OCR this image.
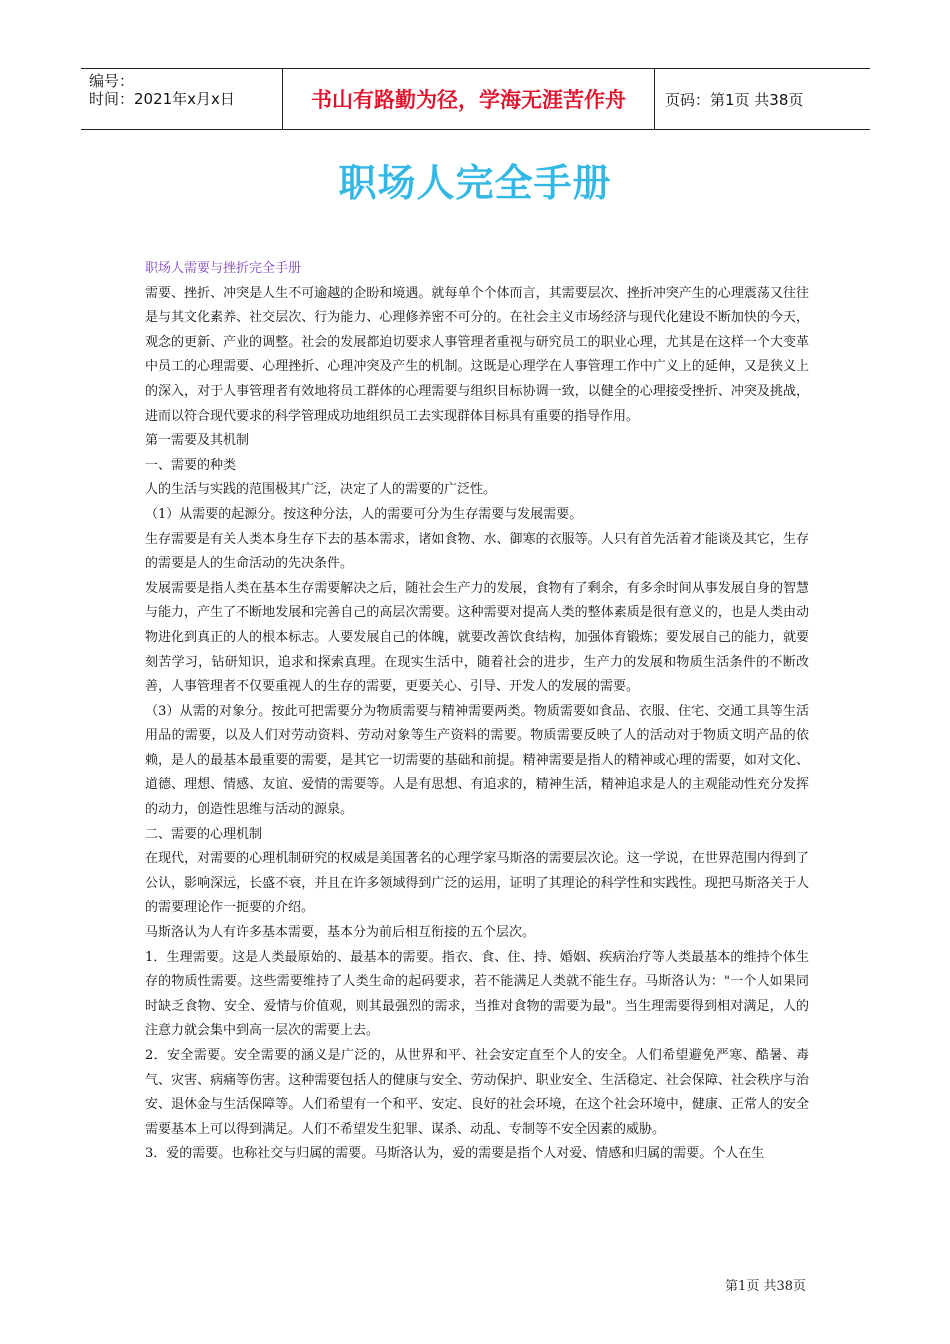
编号：
时间：2021年x月x日	书山有路勤为径，学海无涯苦作舟	页码：第1页 共38页
职场人完全手册

职场人需要与挫折完全手册

需要、挫折、冲突是人生不可逾越的企盼和境遇。就每单个个体而言，其需要层次、挫折冲突产生的心理震荡又往往是与其文化素养、社交层次、行为能力、心理修养密不可分的。在社会主义市场经济与现代化建设不断加快的今天，观念的更新、产业的调整。社会的发展都迫切要求人事管理者重视与研究员工的职业心理，尤其是在这样一个大变革中员工的心理需要、心理挫折、心理冲突及产生的机制。这既是心理学在人事管理工作中广义上的延伸，又是狭义上的深入，对于人事管理者有效地将员工群体的心理需要与组织目标协调一致，以健全的心理接受挫折、冲突及挑战，进而以符合现代要求的科学管理成功地组织员工去实现群体目标具有重要的指导作用。

第一需要及其机制

一、需要的种类

人的生活与实践的范围极其广泛，决定了人的需要的广泛性。

（1）从需要的起源分。按这种分法，人的需要可分为生存需要与发展需要。

生存需要是有关人类本身生存下去的基本需求，诸如食物、水、御寒的衣服等。人只有首先活着才能谈及其它，生存的需要是人的生命活动的先决条件。

发展需要是指人类在基本生存需要解决之后，随社会生产力的发展，食物有了剩余，有多余时间从事发展自身的智慧与能力，产生了不断地发展和完善自己的高层次需要。这种需要对提高人类的整体素质是很有意义的，也是人类由动物进化到真正的人的根本标志。人要发展自己的体魄，就要改善饮食结构，加强体育锻炼；要发展自己的能力，就要刻苦学习，钻研知识，追求和探索真理。在现实生活中，随着社会的进步，生产力的发展和物质生活条件的不断改善，人事管理者不仅要重视人的生存的需要，更要关心、引导、开发人的发展的需要。

（3）从需的对象分。按此可把需要分为物质需要与精神需要两类。物质需要如食品、衣服、住宅、交通工具等生活用品的需要，以及人们对劳动资料、劳动对象等生产资料的需要。物质需要反映了人的活动对于物质文明产品的依赖，是人的最基本最重要的需要，是其它一切需要的基础和前提。精神需要是指人的精神或心理的需要，如对文化、道德、理想、情感、友谊、爱情的需要等。人是有思想、有追求的，精神生活，精神追求是人的主观能动性充分发挥的动力，创造性思维与活动的源泉。

二、需要的心理机制

在现代，对需要的心理机制研究的权威是美国著名的心理学家马斯洛的需要层次论。这一学说，在世界范围内得到了公认，影响深远，长盛不衰，并且在许多领域得到广泛的运用，证明了其理论的科学性和实践性。现把马斯洛关于人的需要理论作一扼要的介绍。

马斯洛认为人有许多基本需要，基本分为前后相互衔接的五个层次。

1．生理需要。这是人类最原始的、最基本的需要。指衣、食、住、持、婚姻、疾病治疗等人类最基本的维持个体生存的物质性需要。这些需要维持了人类生命的起码要求，若不能满足人类就不能生存。马斯洛认为："一个人如果同时缺乏食物、安全、爱情与价值观，则其最强烈的需求，当推对食物的需要为最"。当生理需要得到相对满足，人的注意力就会集中到高一层次的需要上去。

2．安全需要。安全需要的涵义是广泛的，从世界和平、社会安定直至个人的安全。人们希望避免严寒、酷暑、毒气、灾害、病痛等伤害。这种需要包括人的健康与安全、劳动保护、职业安全、生活稳定、社会保障、社会秩序与治安、退休金与生活保障等。人们希望有一个和平、安定、良好的社会环境，在这个社会环境中，健康、正常人的安全需要基本上可以得到满足。人们不希望发生犯罪、谋杀、动乱、专制等不安全因素的威胁。

3．爱的需要。也称社交与归属的需要。马斯洛认为，爱的需要是指个人对爱、情感和归属的需要。个人在生

第1页 共38页
